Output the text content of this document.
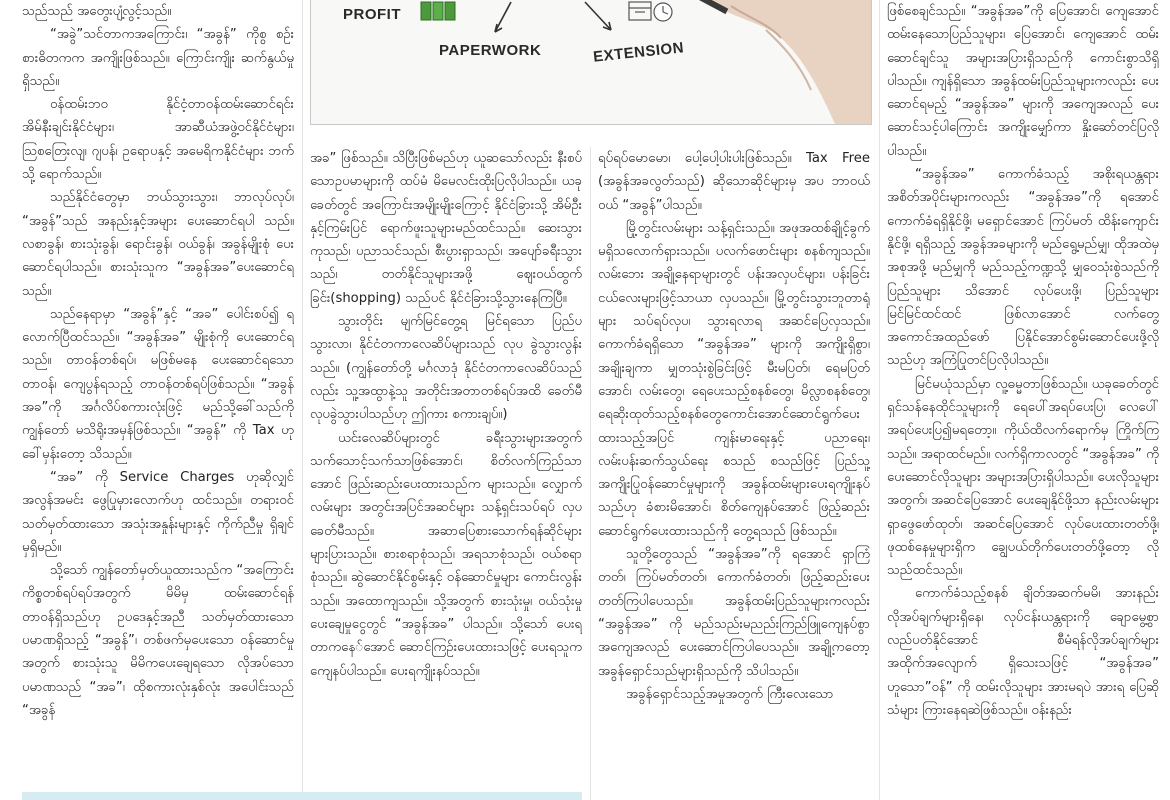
သည်သည် အတွေးပျံ့လွင့်သည်။

“အခွဲ”သင်တာကအကြောင်း၊ “အခွန်” ကိုစွ စဉ်းစားဓိတကက အကျိုးဖြစ်သည်။ ကြောင်းကျိုး ဆက်နွယ်မှုရှိသည်။

ဝန်ထမ်းဘဝ နိုင်ငံ့တာဝန်ထမ်းဆောင်ရင်း အိမ်နီးချင်းနိုင်ငံများ၊ အာဆီယံအဖွဲ့ဝင်နိုင်ငံများ၊ ဩစတြေးလျ၊ ဂျပန်၊ ဥရောပနှင့် အမေရိကနိုင်ငံများ ဘက်သို့ ရောက်သည်။

သည်နိုင်ငံတွေမှာ ဘယ်သွားသွား၊ ဘာလုပ်လုပ်၊ “အခွန်”သည် အနည်းနှင့်အများ ပေးဆောင်ရပါ သည်။ လစာခွန်၊ စားသုံးခွန်၊ ရောင်းခွန်၊ ဝယ်ခွန်၊ အခွန်မျိုးစုံ ပေးဆောင်ရပါသည်။ စားသုံးသူက “အခွန်အခ”ပေးဆောင်ရသည်။

သည်နေရာမှာ “အခွန်”နှင့် “အခ” ပေါင်းစပ်၍ ရလောက်ပြီထင်သည်။ “အခွန်အခ” မျိုးစုံကို ပေးဆောင်ရသည်။ တာဝန်တစ်ရပ်၊ မဖြစ်မနေ ပေးဆောင်ရသောတာဝန်၊ ကျေပွန်ရသည့် တာဝန်တစ်ရပ်ဖြစ်သည်။ “အခွန်အခ”ကို အင်္ဂလိပ်စကားလုံးဖြင့် မည်သို့ခေါ်သည်ကို ကျွန်တော် မသိရိုးအမှန်ဖြစ်သည်။ “အခွန်” ကို Tax ဟု ခေါ်မှန်းတော့ သိသည်။

“အခ” ကို Service Charges ဟုဆိုလျှင် အလွန်အမင်း ဖွေပြုမှားလောက်ဟု ထင်သည်။ တရားဝင် သတ်မှတ်ထားသော အသုံးအနှုန်းများနှင့် ကိုက်ညီမှု ရှိချင်မှရှိမည်။

သို့သော် ကျွန်တော်မှတ်ယူထားသည်က “အကြောင်းကိစ္စတစ်ရပ်ရပ်အတွက် မိမိမှ ထမ်းဆောင်ရန် တာဝန်ရှိသည်ဟု ဥပဒေနှင့်အညီ သတ်မှတ်ထားသောပမာဏရှိသည့် “အခွန်”၊ တစ်ဖက်မှပေးသော ဝန်ဆောင်မှုအတွက် စားသုံးသူ မိမိကပေးချေရသော လိုအပ်သော ပမာဏသည် “အခ”၊ ထိုစကားလုံးနှစ်လုံး အပေါင်းသည် “အခွန်

PROFIT
PAPERWORK	EXTENSION

အခ” ဖြစ်သည်။ သိပြီးဖြစ်မည်ဟု ယူဆသော်လည်း နီးစပ်သောဥပမာများကို ထပ်မံ မိမေလင်းထိုးပြလိုပါသည်။ ယခုခေတ်တွင် အကြောင်းအမျိုးမျိုးကြောင့် နိုင်ငံခြားသို့ အိမ်ဦးနှင့်ကြမ်းပြင် ရောက်ဖူးသူများမည်ထင်သည်။ ဆေးသွားကုသည်၊ ပညာသင်သည်၊ စီးပွားရှာသည်၊ အပျော်ခရီးသွားသည်၊ တတ်နိုင်သူများအဖို့ ဈေးဝယ်ထွက်ခြင်း(shopping) သည်ပင် နိုင်ငံခြားသို့သွားနေကြပြီ။

သွားတိုင်း မျက်မြင်တွေ့ရ မြင်ရသော ပြည်ပသွားလာ၊ နိုင်ငံတကာလေဆိပ်များသည် လုပ ခွဲသွားလွန်းသည်။ (ကျွန်တော်တို့ မင်္ဂလာဒုံ နိုင်ငံတကာလေဆိပ်သည်လည်း သူ့အထွာနဲ့သူ အတိုင်းအတာတစ်ရပ်အထိ ခေတ်မီလုပခွဲသွားပါသည်ဟု ဤကား စကားချပ်။)

ယင်းလေဆိပ်များတွင် ခရီးသွားများအတွက် သက်သောင့်သက်သာဖြစ်အောင်၊ စိတ်လက်ကြည်သာအောင် ဖြည်းဆည်းပေးထားသည်က များသည်။ လျှောက်လမ်းများ အတွင်းအပြင်အဆင်များ သန့်ရှင်းသပ်ရပ် လှပ ခေတ်မီသည်။ အဆာပြေစားသောက်ရန်ဆိုင်များ များပြားသည်။ စားစရာစုံသည်၊ အရသာစုံသည်၊ ဝယ်စရာစုံသည်။ ဆွဲဆောင်နိုင်စွမ်းနှင့် ဝန်ဆောင်မှုများ ကောင်းလွန်းသည်။ အထောကျသည်။ သို့အတွက် စားသုံးမှု၊ ဝယ်သုံးမှု ပေးချေမှုငွေတွင် “အခွန်အခ” ပါသည်။ သို့သော် ပေးရတာကနေ်အောင် ဆောင်ကြဉ်းပေးထားသဖြင့် ပေးရသူက ကျေနပ်ပါသည်။ ပေးရကျိုးနပ်သည်။

ရပ်ရပ်မောမော၊ ပေါ့ပေါ့ပါးပါးဖြစ်သည်။ Tax Free (အခွန်အခလွတ်သည်) ဆိုသောဆိုင်များမှ အပ ဘာဝယ်ဝယ် “အခွန်”ပါသည်။

မြို့တွင်းလမ်းများ သန့်ရှင်းသည်။ အဖုအထစ်ချိုင့်ခွက် မရှိသလောက်ရှားသည်။ ပလက်ဖောင်းများ စနစ်ကျသည်။ လမ်းဘေး အချို့နေရာများတွင် ပန်းအလှပင်များ၊ ပန်းခြင်းငယ်လေးများဖြင့်သာယာ လှပသည်။ မြို့တွင်းသွားဘူတာရုံများ သပ်ရပ်လှပ၊ သွားရလာရ အဆင်ပြေလှသည်။ ကောက်ခံရရှိသော “အခွန်အခ” များကို အကျိုးရှိစွာ၊ အချိုးချကာ မျှတသုံးစွဲခြင်းဖြင့် မီးမပြတ်၊ ရေမပြတ်အောင်၊ လမ်းတွေ၊ ရေပေးသည့်စနစ်တွေ၊ မိလ္လာစနစ်တွေ၊ ရေဆိုးထုတ်သည့်စနစ်တွေကောင်းအောင်ဆောင်ရွက်ပေးထားသည့်အပြင် ကျန်းမာရေးနှင့် ပညာရေး၊ လမ်းပန်းဆက်သွယ်ရေး စသည် စသည်ဖြင့် ပြည်သူ့အကျိုးပြုဝန်ဆောင်မှုများကို အခွန်ထမ်းများပေးရကျိုးနပ်သည်ဟု ခံစားမိအောင်၊ စိတ်ကျေနပ်အောင် ဖြည့်ဆည်းဆောင်ရွက်ပေးထားသည်ကို တွေ့ရသည် ဖြစ်သည်။

သူတို့တွေသည် “အခွန်အခ”ကို ရအောင် ရှာကြံတတ်၊ ကြပ်မတ်တတ်၊ ကောက်ခံတတ်၊ ဖြည့်ဆည်းပေးတတ်ကြပါပေသည်။ အခွန်ထမ်းပြည်သူများကလည်း “အခွန်အခ” ကို မည်သည်းမညည်းကြည်ဖြူကျေနပ်စွာ အကျေအလည် ပေးဆောင်ကြပါပေသည်။ အချို့ကတော့ အခွန်ရှောင်သည်များရှိသည်ကို သိပါသည်။

အခွန်ရှောင်သည့်အမှုအတွက် ကြီးလေးသော

ဖြစ်စေချင်သည်။ “အခွန်အခ”ကို ပြေအောင်၊ ကျေအောင် ထမ်းနေသောပြည်သူများ၊ ပြေအောင်၊ ကျေအောင် ထမ်းဆောင်ချင်သူ အများအပြားရှိသည်ကို ကောင်းစွာသိရှိပါသည်။ ကျန်ရှိသော အခွန်ထမ်းပြည်သူများကလည်း ပေးဆောင်ရမည့် “အခွန်အခ” များကို အကျေအလည် ပေးဆောင်သင့်ပါကြောင်း အကျိုးမျှော်ကာ နှိုးဆော်တင်ပြလိုပါသည်။

“အခွန်အခ” ကောက်ခံသည့် အစိုးရယန္တရားအစိတ်အပိုင်းများကလည်း “အခွန်အခ”ကို ရအောင် ကောက်ခံရရှိနိုင်ဖို့၊ မရှောင်အောင် ကြပ်မတ် ထိန်းကျောင်းနိုင်ဖို့၊ ရရှိသည့် အခွန်အခများကို မည်ရွေ့မည်မျှ၊ ထိုအထဲမှ အစုအဖို့ မည်မျှကို မည်သည့်ကဏ္ဍသို့ မျှဝေသုံးစွဲသည်ကို ပြည်သူများ သိအောင် လုပ်ပေးဖို့၊ ပြည်သူများ မြင်မြင်ထင်ထင် ဖြစ်လာအောင် လက်တွေ့အကောင်အထည်ဖော် ပြနိုင်အောင်စွမ်းဆောင်ပေးဖို့လိုသည်ဟု အကြံပြုတင်ပြလိုပါသည်။

မြင်မယုံသည်မှာ လူ့ဓမ္မတာဖြစ်သည်။ ယခုခေတ်တွင် ရှင်သန်နေထိုင်သူများကို ရေပေါ်အရပ်ပေးပြ၊ လေပေါ်အရပ်ပေးပြ၍မရတော့။ ကိုယ်ထိလက်ရောက်မှ ကြိုက်ကြသည်။ အရာထင်မည်။ လက်ရှိကာလတွင် “အခွန်အခ” ကို ပေးဆောင်လိုသူများ အများအပြားရှိပါသည်။ ပေးလိုသူများ အတွက်၊ အဆင်ပြေအောင် ပေးချေနိုင်ဖို့သာ နည်းလမ်းများ ရှာဖွေဖော်ထုတ်၊ အဆင်ပြေအောင် လုပ်ပေးထားတတ်ဖို့၊ ဖုထစ်နေမှုများရှိက ချွေပယ်တိုက်ပေးတတ်ဖို့တော့ လိုသည်ထင်သည်။

ကောက်ခံသည့်စနစ် ချိတ်အဆက်မမိ၊ အားနည်းလိုအပ်ချက်များရှိနေ၊ လုပ်ငန်းယန္တရားကို ချောမွေ့စွာ လည်ပတ်နိုင်အောင် စီမံရန်လိုအပ်ချက်များ အထိုက်အလျောက် ရှိသေးသဖြင့် “အခွန်အခ” ဟူသော”ဝန်” ကို ထမ်းလိုသူများ အားမရပဲ အားရ ပြေဆိုသံများ ကြားနေရဆဲဖြစ်သည်။ ဝန်းနည်း
